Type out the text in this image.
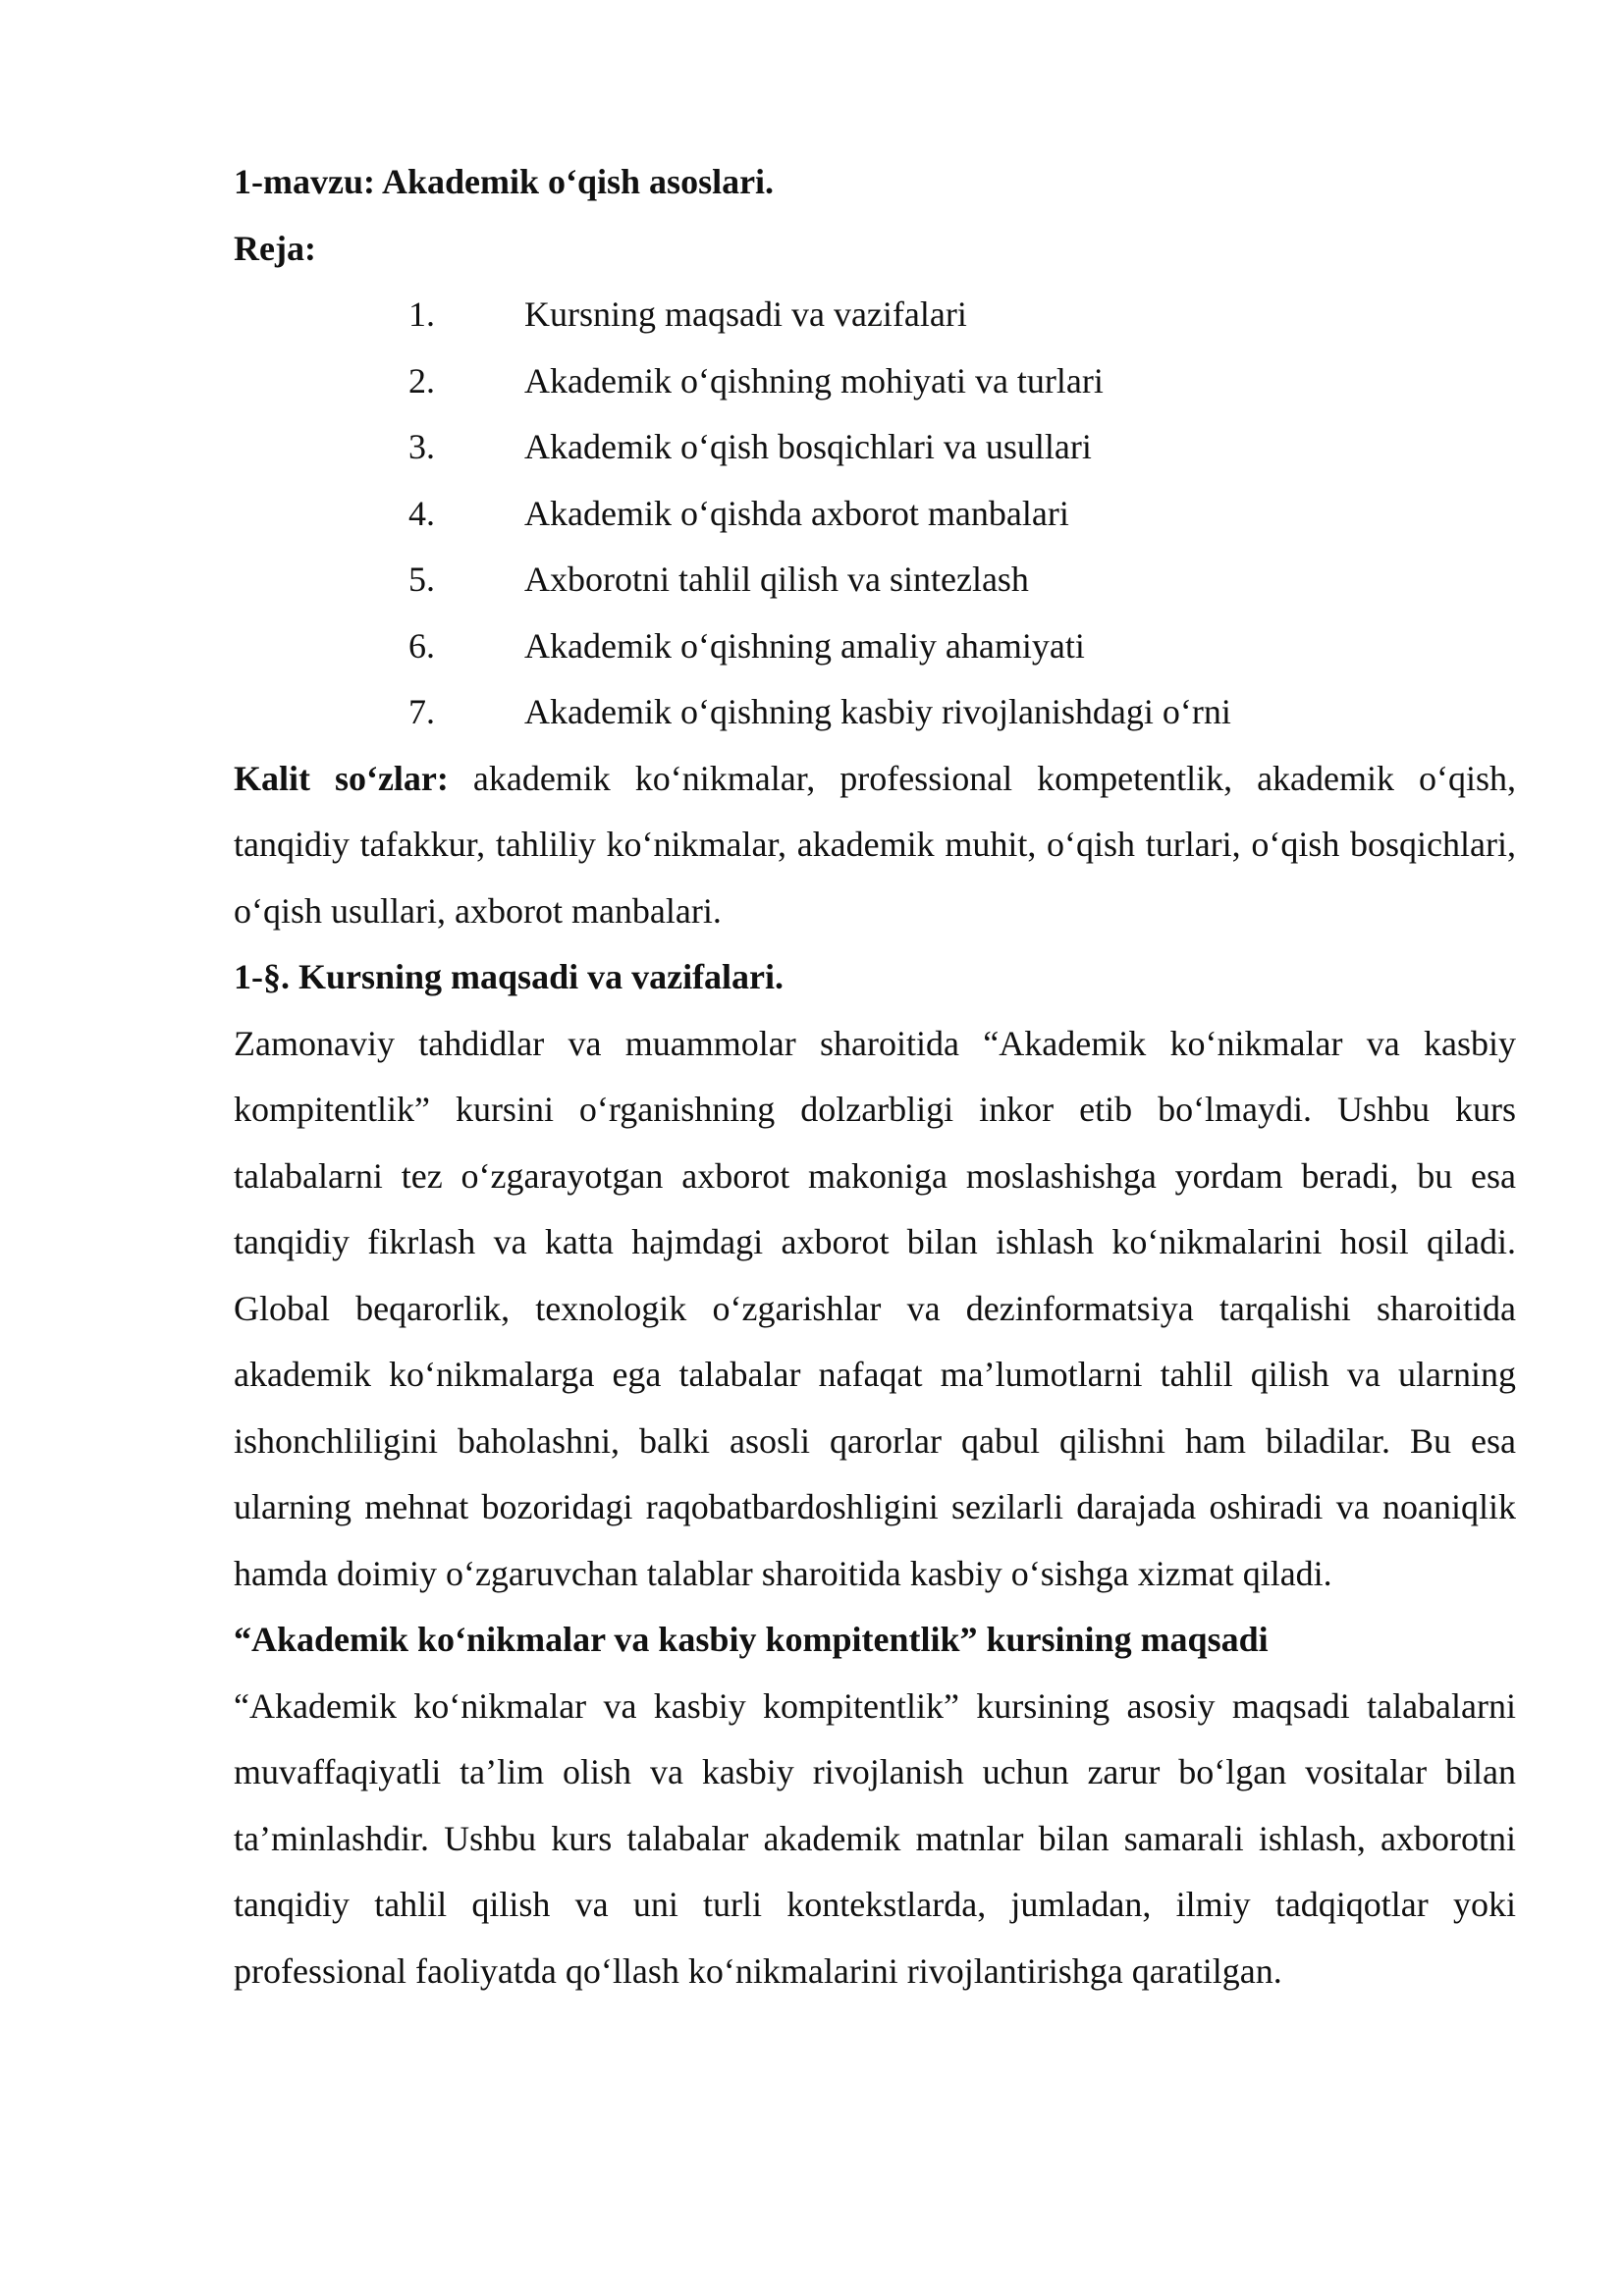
1-mavzu: Akademik o‘qish asoslari.

Reja:

1.	Kursning maqsadi va vazifalari
2.	Akademik o‘qishning mohiyati va turlari
3.	Akademik o‘qish bosqichlari va usullari
4.	Akademik o‘qishda axborot manbalari
5.	Axborotni tahlil qilish va sintezlash
6.	Akademik o‘qishning amaliy ahamiyati
7.	Akademik o‘qishning kasbiy rivojlanishdagi o‘rni

Kalit so‘zlar: akademik ko‘nikmalar, professional kompetentlik, akademik o‘qish, tanqidiy tafakkur, tahliliy ko‘nikmalar, akademik muhit, o‘qish turlari, o‘qish bosqichlari, o‘qish usullari, axborot manbalari.

1-§. Kursning maqsadi va vazifalari.

Zamonaviy tahdidlar va muammolar sharoitida “Akademik ko‘nikmalar va kasbiy kompitentlik” kursini o‘rganishning dolzarbligi inkor etib bo‘lmaydi. Ushbu kurs talabalarni tez o‘zgarayotgan axborot makoniga moslashishga yordam beradi, bu esa tanqidiy fikrlash va katta hajmdagi axborot bilan ishlash ko‘nikmalarini hosil qiladi. Global beqarorlik, texnologik o‘zgarishlar va dezinformatsiya tarqalishi sharoitida akademik ko‘nikmalarga ega talabalar nafaqat ma’lumotlarni tahlil qilish va ularning ishonchliligini baholashni, balki asosli qarorlar qabul qilishni ham biladilar. Bu esa ularning mehnat bozoridagi raqobatbardoshligini sezilarli darajada oshiradi va noaniqlik hamda doimiy o‘zgaruvchan talablar sharoitida kasbiy o‘sishga xizmat qiladi.

“Akademik ko‘nikmalar va kasbiy kompitentlik” kursining maqsadi

“Akademik ko‘nikmalar va kasbiy kompitentlik” kursining asosiy maqsadi talabalarni muvaffaqiyatli ta’lim olish va kasbiy rivojlanish uchun zarur bo‘lgan vositalar bilan ta’minlashdir. Ushbu kurs talabalar akademik matnlar bilan samarali ishlash, axborotni tanqidiy tahlil qilish va uni turli kontekstlarda, jumladan, ilmiy tadqiqotlar yoki professional faoliyatda qo‘llash ko‘nikmalarini rivojlantirishga qaratilgan.
